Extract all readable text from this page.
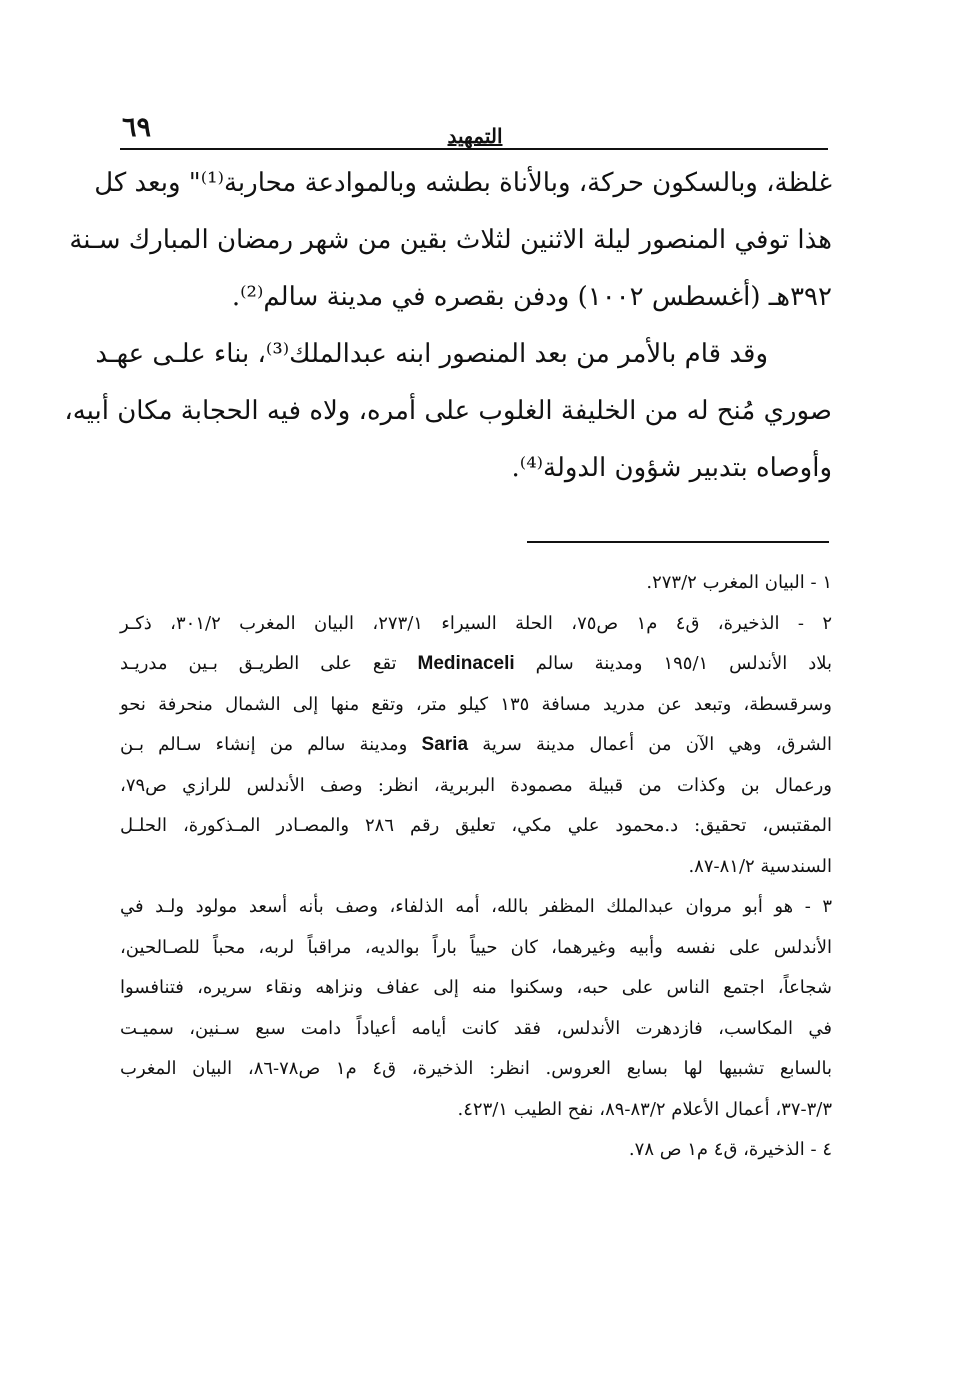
٦٩	التمهيد
غلظة، وبالسكون حركة، وبالأناة بطشه وبالموادعة محاربة⁽¹⁾" وبعد كل
هذا توفي المنصور ليلة الاثنين لثلاث بقين من شهر رمضان المبارك سـنة
٣٩٢هـ (أغسطس ١٠٠٢) ودفن بقصره في مدينة سالم⁽²⁾.
وقد قام بالأمر من بعد المنصور ابنه عبدالملك⁽³⁾، بناء علـى عهـد
صوري مُنح له من الخليفة الغلوب على أمره، ولاه فيه الحجابة مكان أبيه،
وأوصاه بتدبير شؤون الدولة⁽⁴⁾.
١ - البيان المغرب ٢٧٣/٢.
٢ - الذخيرة، ق٤ م١ ص٧٥، الحلة السيراء ٢٧٣/١، البيان المغرب ٣٠١/٢، ذكـر
بلاد الأندلس ١٩٥/١ ومدينة سالم Medinaceli تقع على الطريـق بـين مدريـد
وسرقسطة، وتبعد عن مدريد مسافة ١٣٥ كيلو متر، وتقع منها إلى الشمال منحرفة نحو
الشرق، وهي الآن من أعمال مدينة سرية Saria ومدينة سالم من إنشاء سـالم بـن
ورعمال بن وكذات من قبيلة مصمودة البربرية، انظر: وصف الأندلس للرازي ص٧٩،
المقتبس، تحقيق: د.محمود علي مكي، تعليق رقم ٢٨٦ والمصـادر المـذكورة، الحلـل
السندسية ٨١/٢-٨٧.
٣ - هو أبو مروان عبدالملك المظفر بالله، أمه الذلفاء، وصف بأنه أسعد مولود ولـد في
الأندلس على نفسه وأبيه وغيرهما، كان حيياً باراً بوالديه، مراقباً لربه، محباً للصـالحين،
شجاعاً، اجتمع الناس على حبه، وسكنوا منه إلى عفاف ونزاهه ونقاء سريره، فتنافسوا
في المكاسب، فازدهرت الأندلس، فقد كانت أيامه أعياداً دامت سبع سـنين، سميـت
بالسابع تشبيها لها بسابع العروس. انظر: الذخيرة، ق٤ م١ ص٧٨-٨٦، البيان المغرب
٣/٣-٣٧، أعمال الأعلام ٨٣/٢-٨٩، نفح الطيب ٤٢٣/١.
٤ - الذخيرة، ق٤ م١ ص ٧٨.
